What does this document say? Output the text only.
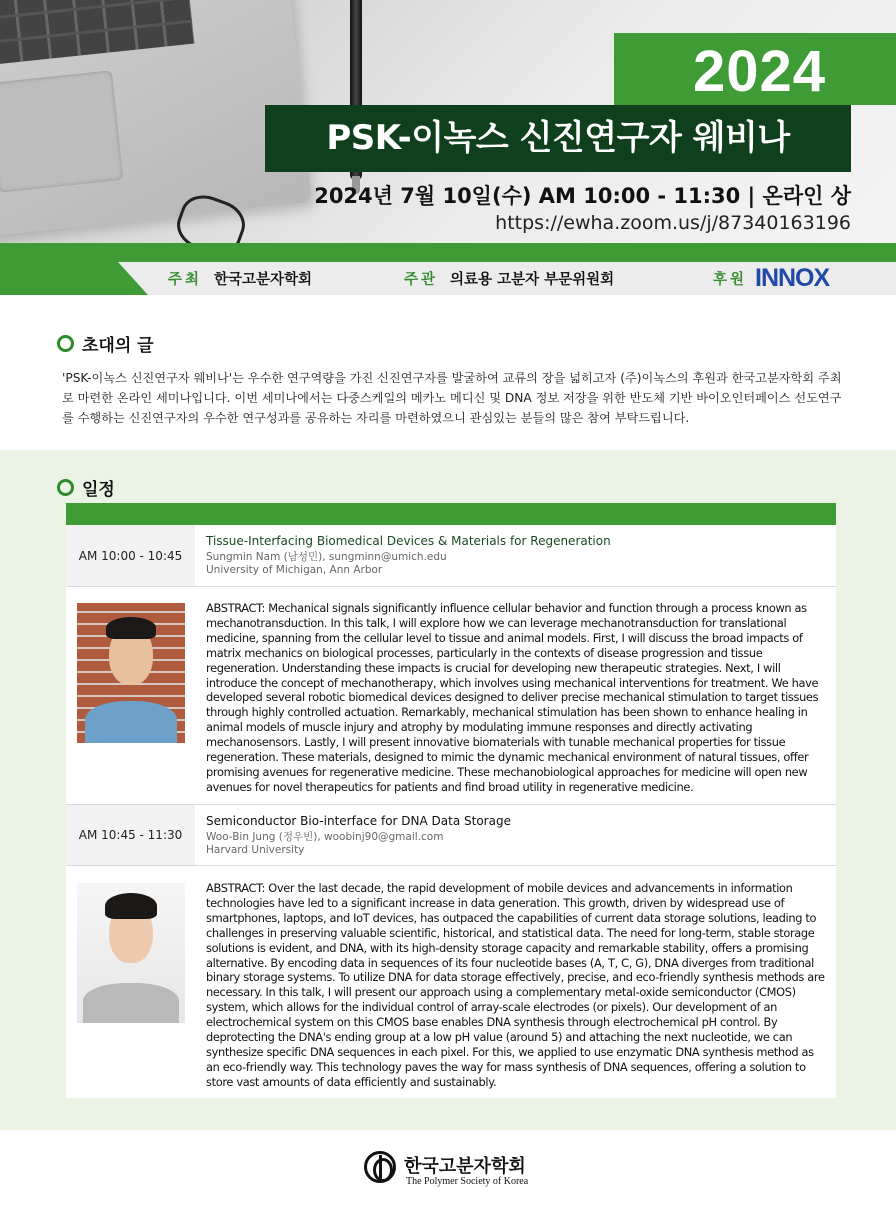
2024
PSK-이녹스 신진연구자 웨비나
2024년 7월 10일(수) AM 10:00 - 11:30 | 온라인 상
https://ewha.zoom.us/j/87340163196
주최 한국고분자학회	주관 의료용 고분자 부문위원회	후원 INNOX
초대의 글
'PSK-이녹스 신진연구자 웨비나'는 우수한 연구역량을 가진 신진연구자를 발굴하여 교류의 장을 넓히고자 (주)이녹스의 후원과 한국고분자학회 주최로 마련한 온라인 세미나입니다. 이번 세미나에서는 다중스케일의 메카노 메디신 및 DNA 정보 저장을 위한 반도체 기반 바이오인터페이스 선도연구를 수행하는 신진연구자의 우수한 연구성과를 공유하는 자리를 마련하였으니 관심있는 분들의 많은 참여 부탁드립니다.
일정
AM 10:00 - 10:45
Tissue-Interfacing Biomedical Devices & Materials for Regeneration
Sungmin Nam (남성민), sungminn@umich.edu
University of Michigan, Ann Arbor
ABSTRACT: Mechanical signals significantly influence cellular behavior and function through a process known as mechanotransduction. In this talk, I will explore how we can leverage mechanotransduction for translational medicine, spanning from the cellular level to tissue and animal models. First, I will discuss the broad impacts of matrix mechanics on biological processes, particularly in the contexts of disease progression and tissue regeneration. Understanding these impacts is crucial for developing new therapeutic strategies. Next, I will introduce the concept of mechanotherapy, which involves using mechanical interventions for treatment. We have developed several robotic biomedical devices designed to deliver precise mechanical stimulation to target tissues through highly controlled actuation. Remarkably, mechanical stimulation has been shown to enhance healing in animal models of muscle injury and atrophy by modulating immune responses and directly activating mechanosensors. Lastly, I will present innovative biomaterials with tunable mechanical properties for tissue regeneration. These materials, designed to mimic the dynamic mechanical environment of natural tissues, offer promising avenues for regenerative medicine. These mechanobiological approaches for medicine will open new avenues for novel therapeutics for patients and find broad utility in regenerative medicine.
AM 10:45 - 11:30
Semiconductor Bio-interface for DNA Data Storage
Woo-Bin Jung (정우빈), woobinj90@gmail.com
Harvard University
ABSTRACT: Over the last decade, the rapid development of mobile devices and advancements in information technologies have led to a significant increase in data generation. This growth, driven by widespread use of smartphones, laptops, and IoT devices, has outpaced the capabilities of current data storage solutions, leading to challenges in preserving valuable scientific, historical, and statistical data. The need for long-term, stable storage solutions is evident, and DNA, with its high-density storage capacity and remarkable stability, offers a promising alternative. By encoding data in sequences of its four nucleotide bases (A, T, C, G), DNA diverges from traditional binary storage systems. To utilize DNA for data storage effectively, precise, and eco-friendly synthesis methods are necessary. In this talk, I will present our approach using a complementary metal-oxide semiconductor (CMOS) system, which allows for the individual control of array-scale electrodes (or pixels). Our development of an electrochemical system on this CMOS base enables DNA synthesis through electrochemical pH control. By deprotecting the DNA's ending group at a low pH value (around 5) and attaching the next nucleotide, we can synthesize specific DNA sequences in each pixel. For this, we applied to use enzymatic DNA synthesis method as an eco-friendly way. This technology paves the way for mass synthesis of DNA sequences, offering a solution to store vast amounts of data efficiently and sustainably.
한국고분자학회
The Polymer Society of Korea
